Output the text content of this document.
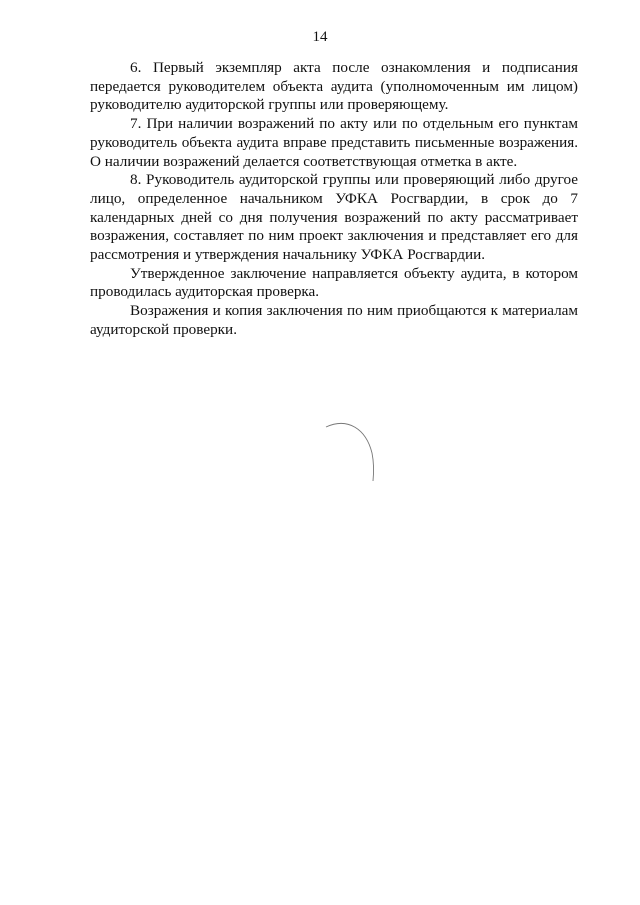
14

6. Первый экземпляр акта после ознакомления и подписания передается руководителем объекта аудита (уполномоченным им лицом) руководителю аудиторской группы или проверяющему.

7. При наличии возражений по акту или по отдельным его пунктам руководитель объекта аудита вправе представить письменные возражения. О наличии возражений делается соответствующая отметка в акте.

8. Руководитель аудиторской группы или проверяющий либо другое лицо, определенное начальником УФКА Росгвардии, в срок до 7 календарных дней со дня получения возражений по акту рассматривает возражения, составляет по ним проект заключения и представляет его для рассмотрения и утверждения начальнику УФКА Росгвардии.

Утвержденное заключение направляется объекту аудита, в котором проводилась аудиторская проверка.

Возражения и копия заключения по ним приобщаются к материалам аудиторской проверки.
